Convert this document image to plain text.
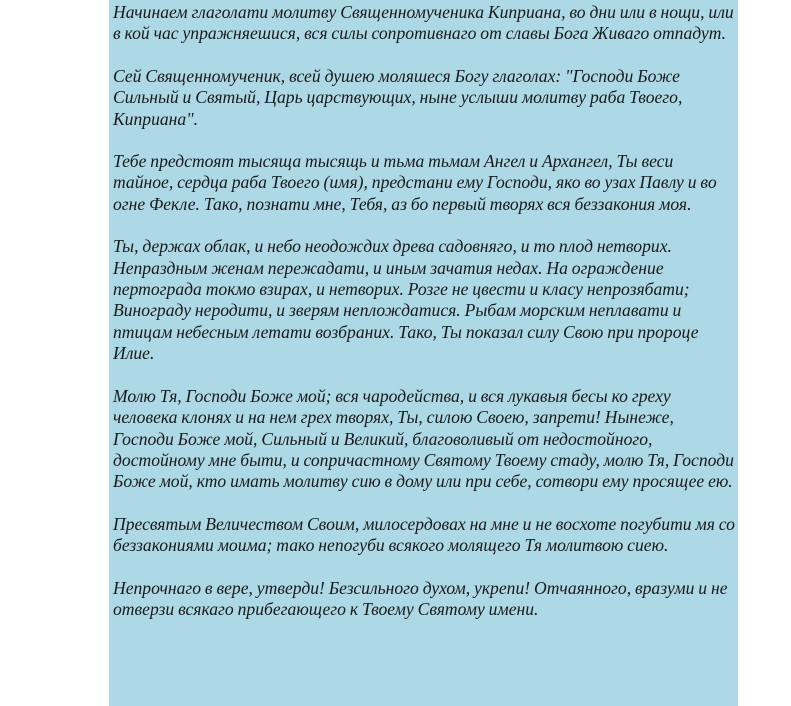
Начинаем глаголати молитву Священномученика Киприана, во дни или в нощи, или в кой час упражняешися, вся силы сопротивнаго от славы Бога Живаго отпадут.

Сей Священномученик, всей душею моляшеся Богу глаголах: "Господи Боже Сильный и Святый, Царь царствующих, ныне услыши молитву раба Твоего, Киприана".

Тебе предстоят тысяща тысящь и тьма тьмам Ангел и Архангел, Ты веси тайное, сердца раба Твоего (имя), предстани ему Господи, яко во узах Павлу и во огне Фекле. Тако, познати мне, Тебя, аз бо первый творях вся беззакония моя.

Ты, держах облак, и небо неодождих древа садовняго, и то плод нетворих. Непраздным женам пережадати, и иным зачатия недах. На ограждение пертограда токмо взирах, и нетворих. Розге не цвести и класу непрозябати; Винограду неродити, и зверям неплождатися. Рыбам морским неплавати и птицам небесным летати возбраних. Тако, Ты показал силу Свою при пророце Илие.

Молю Тя, Господи Боже мой; вся чародейства, и вся лукавыя бесы ко греху человека клонях и на нем грех творях, Ты, силою Своею, запрети! Нынеже, Господи Боже мой, Сильный и Великий, благоволивый от недостойного, достойному мне быти, и сопричастному Святому Твоему стаду, молю Тя, Господи Боже мой, кто имать молитву сию в дому или при себе, сотвори ему просящее ею.

Пресвятым Величеством Своим, милосердовах на мне и не восхоте погубити мя со беззакониями моима; тако непогуби всякого молящего Тя молитвою сиею.

Непрочнаго в вере, утверди! Безсильного духом, укрепи! Отчаянного, вразуми и не отверзи всякаго прибегающего к Твоему Святому имени.
